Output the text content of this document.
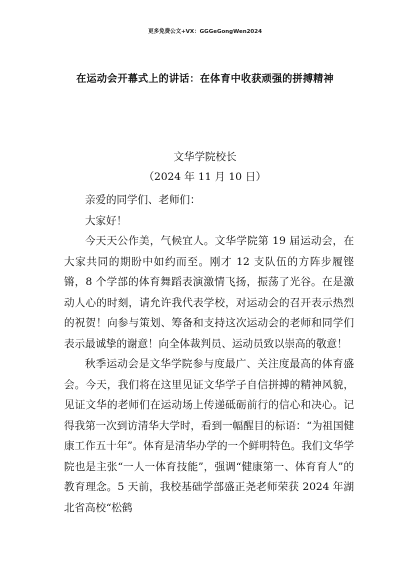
更多免费公文+VX：GGGeGongWen2024
在运动会开幕式上的讲话：在体育中收获顽强的拼搏精神
文华学院校长
（2024 年 11 月 10 日）

亲爱的同学们、老师们：

大家好！

今天天公作美，气候宜人。文华学院第 19 届运动会，在大家共同的期盼中如约而至。刚才 12 支队伍的方阵步履铿锵，8 个学部的体育舞蹈表演激情飞扬，振荡了光谷。在是激动人心的时刻，请允许我代表学校，对运动会的召开表示热烈的祝贺！向参与策划、筹备和支持这次运动会的老师和同学们表示最诚挚的谢意！向全体裁判员、运动员致以崇高的敬意！

秋季运动会是文华学院参与度最广、关注度最高的体育盛会。今天，我们将在这里见证文华学子自信拼搏的精神风貌，见证文华的老师们在运动场上传递砥砺前行的信心和决心。记得我第一次到访清华大学时，看到一幅醒目的标语：“为祖国健康工作五十年”。体育是清华办学的一个鲜明特色。我们文华学院也是主张“一人一体育技能”，强调“健康第一、体育育人”的教育理念。5 天前，我校基础学部盛正尧老师荣获 2024 年湖北省高校“松鹤
